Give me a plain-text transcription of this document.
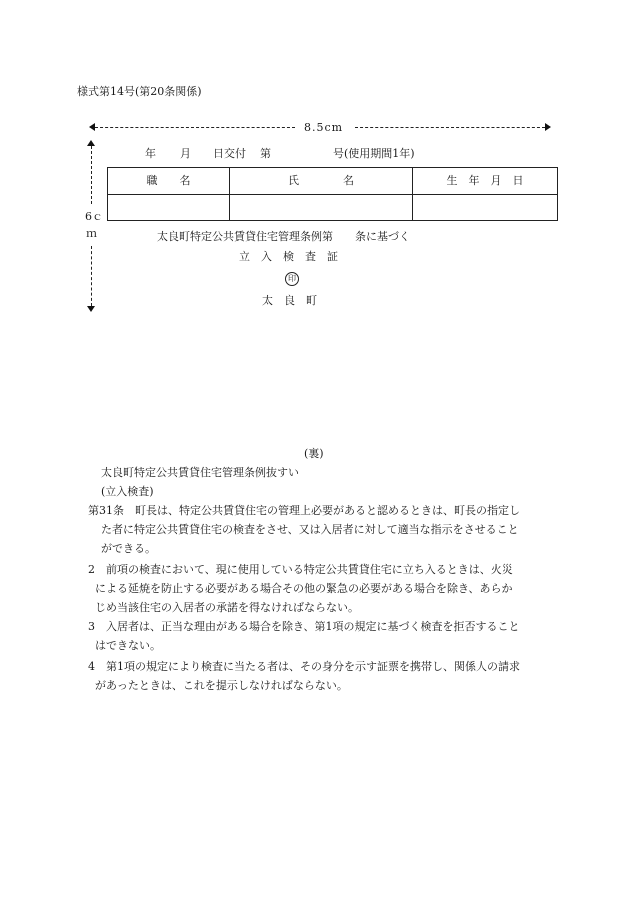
様式第14号(第20条関係)
8.5cm
6ｃ
ｍ
年 月 日交付 第	号(使用期間1年)
職　　名	氏　　　　名	生　年　月　日

太良町特定公共賃貸住宅管理条例第　　条に基づく
立　入　検　査　証
印
太　良　町
(裏)
太良町特定公共賃貸住宅管理条例抜すい
(立入検査)
第31条　町長は、特定公共賃貸住宅の管理上必要があると認めるときは、町長の指定し
た者に特定公共賃貸住宅の検査をさせ、又は入居者に対して適当な指示をさせること
ができる。
2　前項の検査において、現に使用している特定公共賃貸住宅に立ち入るときは、火災
による延焼を防止する必要がある場合その他の緊急の必要がある場合を除き、あらか
じめ当該住宅の入居者の承諾を得なければならない。
3　入居者は、正当な理由がある場合を除き、第1項の規定に基づく検査を拒否すること
はできない。
4　第1項の規定により検査に当たる者は、その身分を示す証票を携帯し、関係人の請求
があったときは、これを提示しなければならない。
